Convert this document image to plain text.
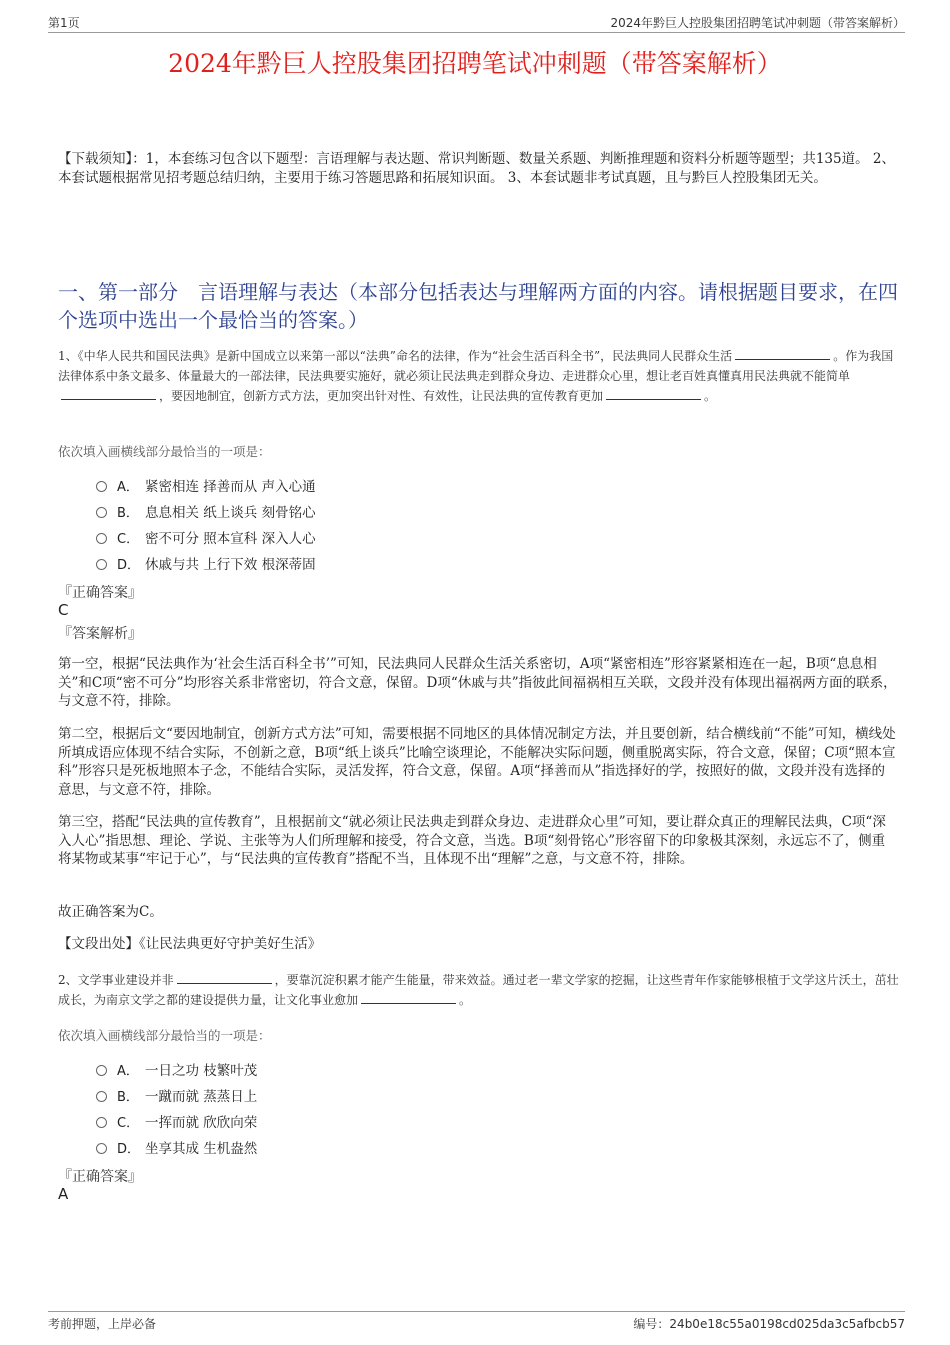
第1页	2024年黔巨人控股集团招聘笔试冲刺题（带答案解析）
2024年黔巨人控股集团招聘笔试冲刺题（带答案解析）
【下载须知】：1，本套练习包含以下题型：言语理解与表达题、常识判断题、数量关系题、判断推理题和资料分析题等题型；共135道。 2、本套试题根据常见招考题总结归纳，主要用于练习答题思路和拓展知识面。 3、本套试题非考试真题，且与黔巨人控股集团无关。
一、第一部分　言语理解与表达（本部分包括表达与理解两方面的内容。请根据题目要求，在四个选项中选出一个最恰当的答案。）
1、《中华人民共和国民法典》是新中国成立以来第一部以“法典”命名的法律，作为“社会生活百科全书”，民法典同人民群众生活	。作为我国法律体系中条文最多、体量最大的一部法律，民法典要实施好，就必须让民法典走到群众身边、走进群众心里，想让老百姓真懂真用民法典就不能简单，要因地制宜，创新方式方法，更加突出针对性、有效性，让民法典的宣传教育更加	。
依次填入画横线部分最恰当的一项是：
A． 紧密相连 择善而从 声入心通
B． 息息相关 纸上谈兵 刻骨铭心
C． 密不可分 照本宣科 深入人心
D． 休戚与共 上行下效 根深蒂固
『正确答案』
C
『答案解析』

第一空，根据“民法典作为‘社会生活百科全书’”可知，民法典同人民群众生活关系密切，A项“紧密相连”形容紧紧相连在一起，B项“息息相关”和C项“密不可分”均形容关系非常密切，符合文意，保留。D项“休戚与共”指彼此间福祸相互关联，文段并没有体现出福祸两方面的联系，与文意不符，排除。

第二空，根据后文“要因地制宜，创新方式方法”可知，需要根据不同地区的具体情况制定方法，并且要创新，结合横线前“不能”可知，横线处所填成语应体现不结合实际，不创新之意，B项“纸上谈兵”比喻空谈理论，不能解决实际问题，侧重脱离实际，符合文意，保留；C项“照本宣科”形容只是死板地照本子念，不能结合实际，灵活发挥，符合文意，保留。A项“择善而从”指选择好的学，按照好的做，文段并没有选择的意思，与文意不符，排除。

第三空，搭配“民法典的宣传教育”，且根据前文“就必须让民法典走到群众身边、走进群众心里”可知，要让群众真正的理解民法典，C项“深入人心”指思想、理论、学说、主张等为人们所理解和接受，符合文意，当选。B项“刻骨铭心”形容留下的印象极其深刻，永远忘不了，侧重将某物或某事“牢记于心”，与“民法典的宣传教育”搭配不当，且体现不出“理解”之意，与文意不符，排除。

故正确答案为C。

【文段出处】《让民法典更好守护美好生活》

2、文学事业建设并非	，要靠沉淀积累才能产生能量，带来效益。通过老一辈文学家的挖掘，让这些青年作家能够根植于文学这片沃土，茁壮成长，为南京文学之都的建设提供力量，让文化事业愈加	。
依次填入画横线部分最恰当的一项是：
A． 一日之功 枝繁叶茂
B． 一蹴而就 蒸蒸日上
C． 一挥而就 欣欣向荣
D． 坐享其成 生机盎然
『正确答案』
A
考前押题，上岸必备	编号：24b0e18c55a0198cd025da3c5afbcb57
